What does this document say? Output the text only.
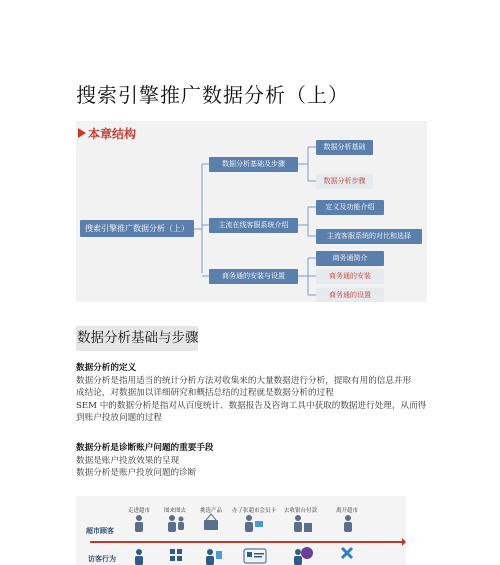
搜索引擎推广数据分析（上）
本章结构
搜索引擎推广数据分析（上）
数据分析基础及步骤
主流在线客服系统介绍
商务通的安装与设置
数据分析基础
数据分析步骤
定义及功能介绍
主流客服系统的对比和选择
商务通简介
商务通的安装
商务通的设置
数据分析基础与步骤
数据分析的定义
数据分析是指用适当的统计分析方法对收集来的大量数据进行分析，提取有用的信息并形
成结论，对数据加以详细研究和概括总结的过程就是数据分析的过程
SEM 中的数据分析是指对从百度统计、数据报告及咨询工具中获取的数据进行处理，从而得
到账户投放问题的过程
数据分析是诊断账户问题的重要手段
数据是账户投放效果的呈现
数据分析是账户投放问题的诊断
走进超市	图来图去	挑选产品 办了张超市会员卡 去收银台付款	离开超市
超市顾客
访客行为
